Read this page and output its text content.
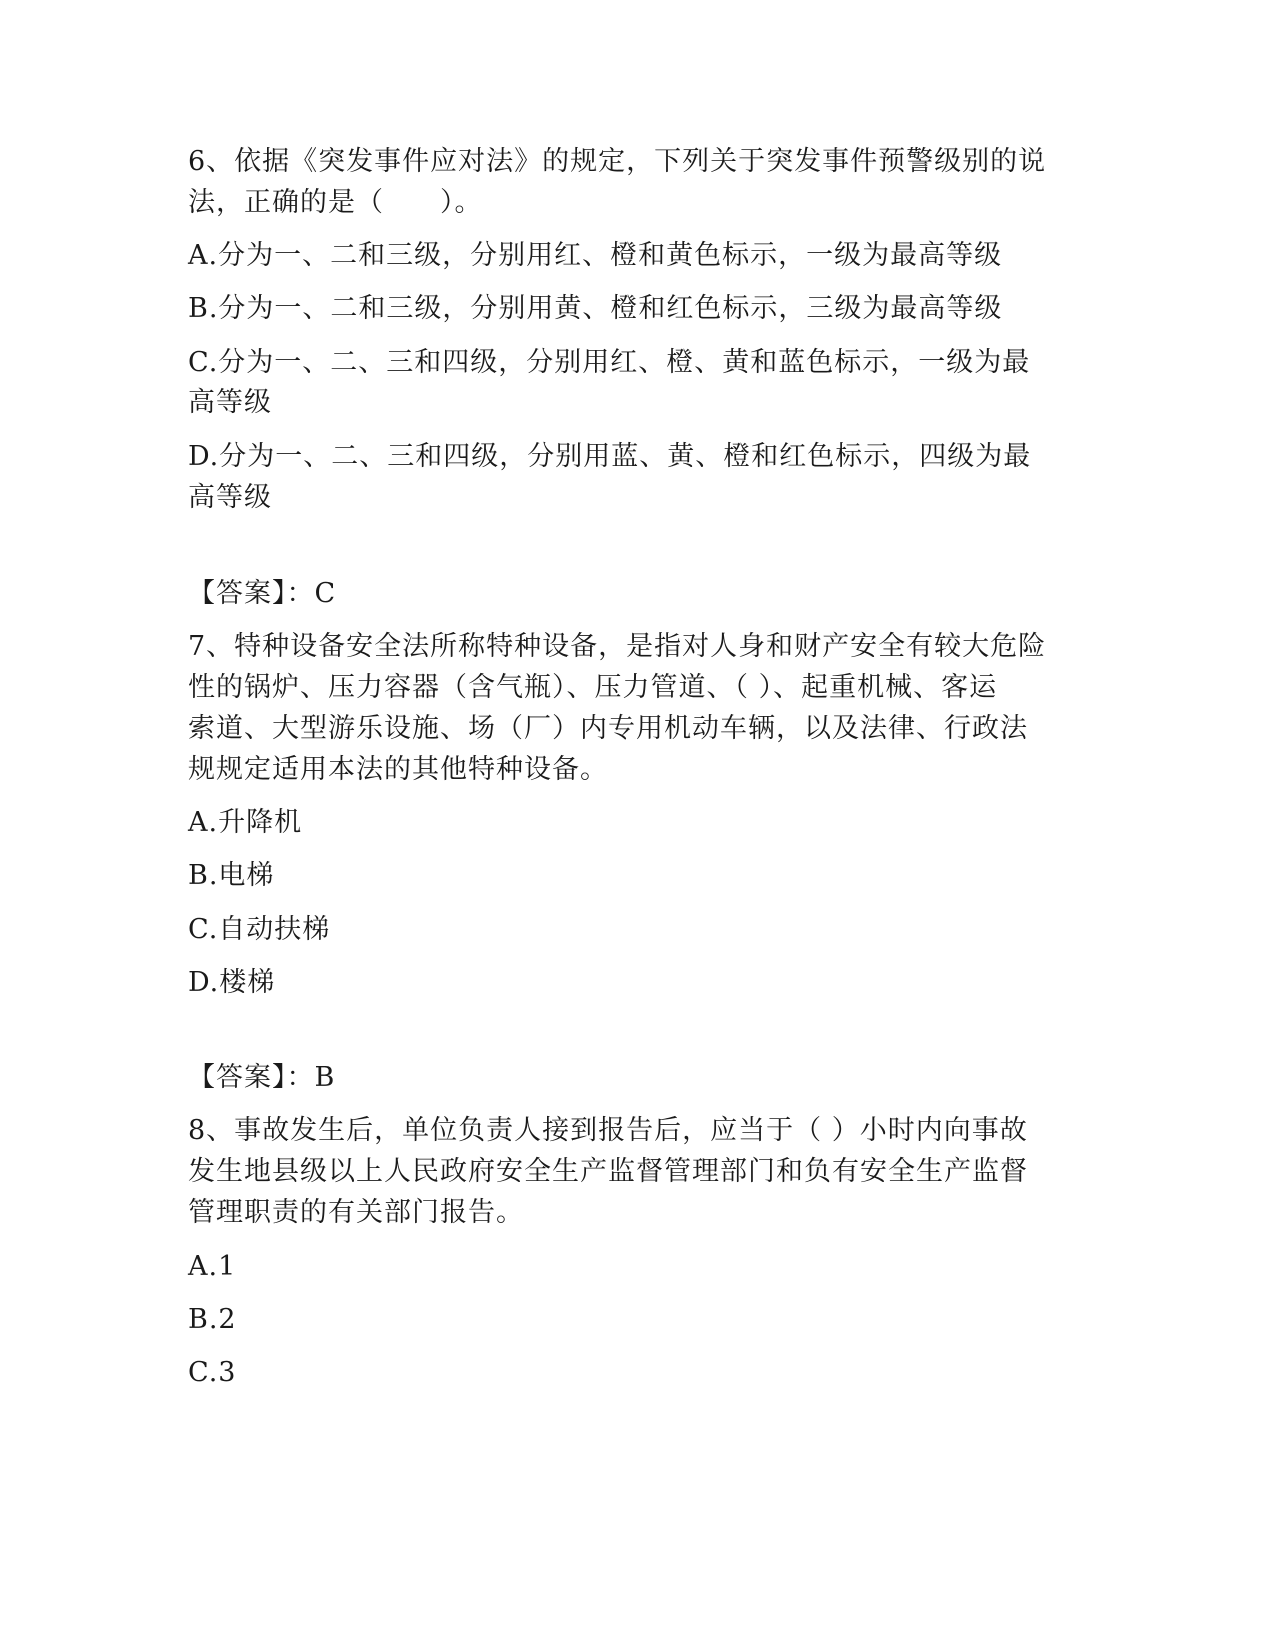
6、依据《突发事件应对法》的规定，下列关于突发事件预警级别的说
法，正确的是（　　）。
A.分为一、二和三级，分别用红、橙和黄色标示，一级为最高等级
B.分为一、二和三级，分别用黄、橙和红色标示，三级为最高等级
C.分为一、二、三和四级，分别用红、橙、黄和蓝色标示，一级为最
高等级
D.分为一、二、三和四级，分别用蓝、黄、橙和红色标示，四级为最
高等级
【答案】：C
7、特种设备安全法所称特种设备，是指对人身和财产安全有较大危险
性的锅炉、压力容器（含气瓶）、压力管道、（ ）、起重机械、客运
索道、大型游乐设施、场（厂）内专用机动车辆，以及法律、行政法
规规定适用本法的其他特种设备。
A.升降机
B.电梯
C.自动扶梯
D.楼梯
【答案】：B
8、事故发生后，单位负责人接到报告后，应当于（ ）小时内向事故
发生地县级以上人民政府安全生产监督管理部门和负有安全生产监督
管理职责的有关部门报告。
A.1
B.2
C.3
